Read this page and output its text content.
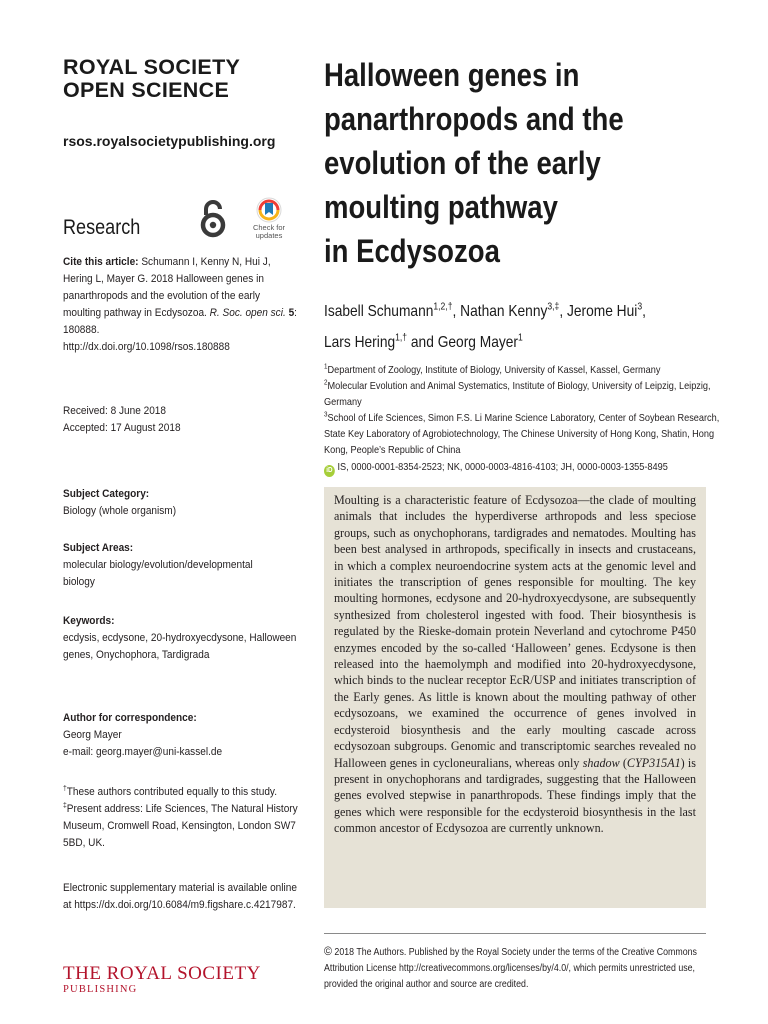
ROYAL SOCIETY
OPEN SCIENCE
rsos.royalsocietypublishing.org
Research	Check for
updates
Cite this article: Schumann I, Kenny N, Hui J, Hering L, Mayer G. 2018 Halloween genes in panarthropods and the evolution of the early moulting pathway in Ecdysozoa. R. Soc. open sci. 5: 180888.
http://dx.doi.org/10.1098/rsos.180888
Received: 8 June 2018
Accepted: 17 August 2018
Subject Category:
Biology (whole organism)
Subject Areas:
molecular biology/evolution/developmental biology
Keywords:
ecdysis, ecdysone, 20-hydroxyecdysone, Halloween genes, Onychophora, Tardigrada
Author for correspondence:
Georg Mayer
e-mail: georg.mayer@uni-kassel.de
†These authors contributed equally to this study.
‡Present address: Life Sciences, The Natural History Museum, Cromwell Road, Kensington, London SW7 5BD, UK.
Electronic supplementary material is available online at https://dx.doi.org/10.6084/m9.figshare.c.4217987.
THE ROYAL SOCIETY
PUBLISHING
Halloween genes in
panarthropods and the
evolution of the early
moulting pathway
in Ecdysozoa
Isabell Schumann$^{1,2,\dagger}$, Nathan Kenny$^{3,\ddagger}$, Jerome Hui$^3$,
Lars Hering$^{1,\dagger}$ and Georg Mayer$^1$
$^1$Department of Zoology, Institute of Biology, University of Kassel, Kassel, Germany
$^2$Molecular Evolution and Animal Systematics, Institute of Biology, University of Leipzig, Leipzig, Germany
$^3$School of Life Sciences, Simon F.S. Li Marine Science Laboratory, Center of Soybean Research, State Key Laboratory of Agrobiotechnology, The Chinese University of Hong Kong, Shatin, Hong Kong, People’s Republic of China
iD IS, 0000-0001-8354-2523; NK, 0000-0003-4816-4103; JH, 0000-0003-1355-8495

Moulting is a characteristic feature of Ecdysozoa—the clade of moulting animals that includes the hyperdiverse arthropods and less speciose groups, such as onychophorans, tardigrades and nematodes. Moulting has been best analysed in arthropods, specifically in insects and crustaceans, in which a complex neuroendocrine system acts at the genomic level and initiates the transcription of genes responsible for moulting. The key moulting hormones, ecdysone and 20-hydroxyecdysone, are subsequently synthesized from cholesterol ingested with food. Their biosynthesis is regulated by the Rieske-domain protein Neverland and cytochrome P450 enzymes encoded by the so-called ‘Halloween’ genes. Ecdysone is then released into the haemolymph and modified into 20-hydroxyecdysone, which binds to the nuclear receptor EcR/USP and initiates transcription of the Early genes. As little is known about the moulting pathway of other ecdysozoans, we examined the occurrence of genes involved in ecdysteroid biosynthesis and the early moulting cascade across ecdysozoan subgroups. Genomic and transcriptomic searches revealed no Halloween genes in cycloneuralians, whereas only shadow (CYP315A1) is present in onychophorans and tardigrades, suggesting that the Halloween genes evolved stepwise in panarthropods. These findings imply that the genes which were responsible for the ecdysteroid biosynthesis in the last common ancestor of Ecdysozoa are currently unknown.

© 2018 The Authors. Published by the Royal Society under the terms of the Creative Commons Attribution License http://creativecommons.org/licenses/by/4.0/, which permits unrestricted use, provided the original author and source are credited.
